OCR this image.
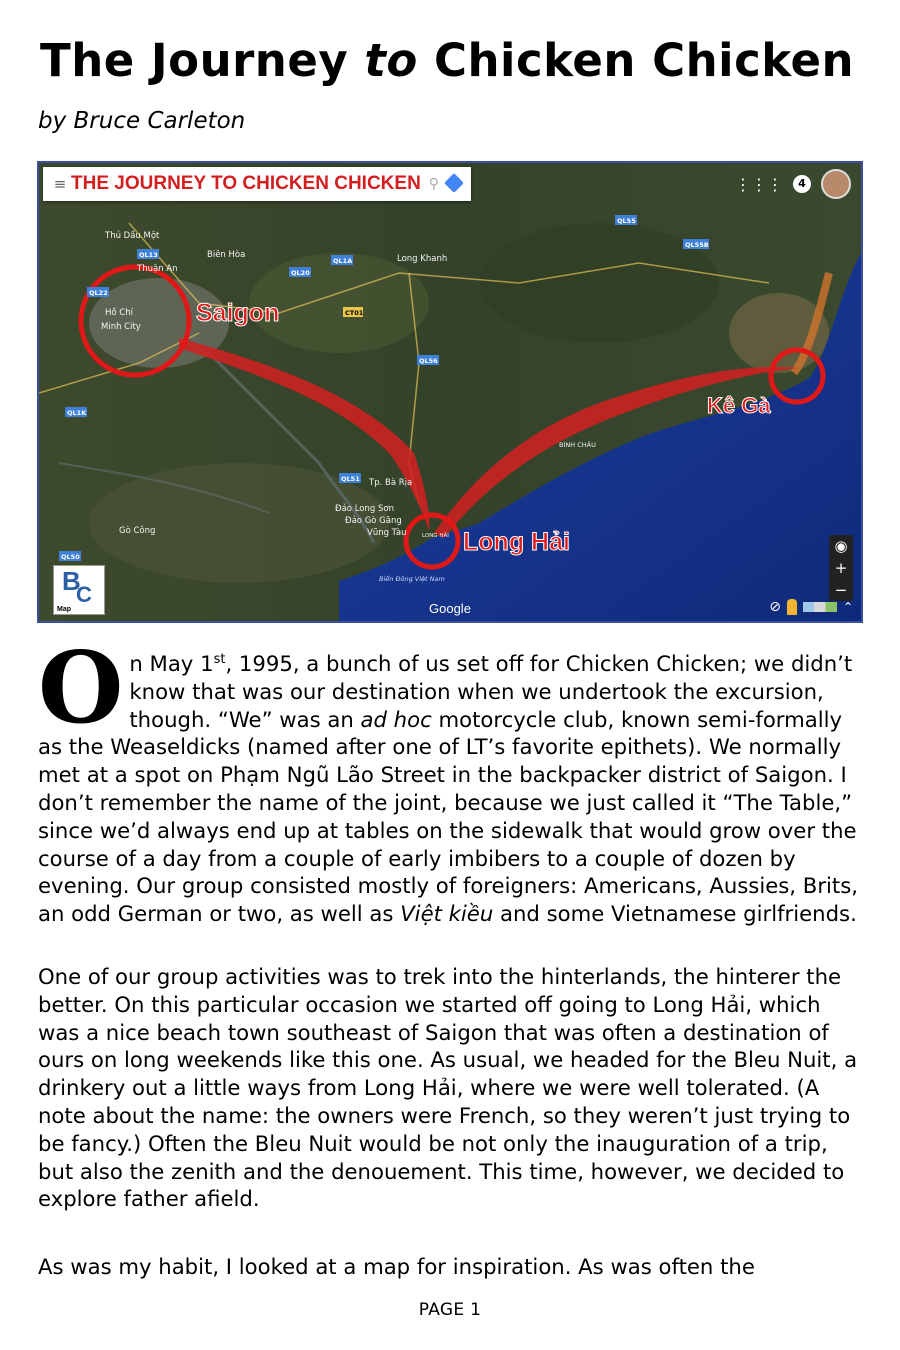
The Journey to Chicken Chicken
by Bruce Carleton
Saigon
Kê Gà
Long Hải
Thủ Dầu Một
Biên Hòa
Thuận An
Hồ Chí
Minh City
Long Khanh
Gò Công
Tp. Bà Rịa
Đảo Long Sơn
Đảo Gò Găng
Vũng Tàu
BÌNH CHÂU
LONG HẢI
Biển Đông Việt Nam
QL13
QL1A
QL55
QL56
QL51
QL50
CT01
QL22
QL20
QL1K
QL55B
Google
≡ THE JOURNEY TO CHICKEN CHICKEN ⚲	⋮⋮⋮	4
◉
+
−
⊘	⌃
B
C
Map

On May 1st, 1995, a bunch of us set off for Chicken Chicken; we didn’t know that was our destination when we undertook the excursion, though. “We” was an ad hoc motorcycle club, known semi-formally as the Weaseldicks (named after one of LT’s favorite epithets). We normally met at a spot on Phạm Ngũ Lão Street in the backpacker district of Saigon. I don’t remember the name of the joint, because we just called it “The Table,” since we’d always end up at tables on the sidewalk that would grow over the course of a day from a couple of early imbibers to a couple of dozen by evening. Our group consisted mostly of foreigners: Americans, Aussies, Brits, an odd German or two, as well as Việt kiều and some Vietnamese girlfriends.

One of our group activities was to trek into the hinterlands, the hinterer the better. On this particular occasion we started off going to Long Hải, which was a nice beach town southeast of Saigon that was often a destination of ours on long weekends like this one. As usual, we headed for the Bleu Nuit, a drinkery out a little ways from Long Hải, where we were well tolerated. (A note about the name: the owners were French, so they weren’t just trying to be fancy.) Often the Bleu Nuit would be not only the inauguration of a trip, but also the zenith and the denouement. This time, however, we decided to explore father afield.

As was my habit, I looked at a map for inspiration. As was often the

PAGE 1
